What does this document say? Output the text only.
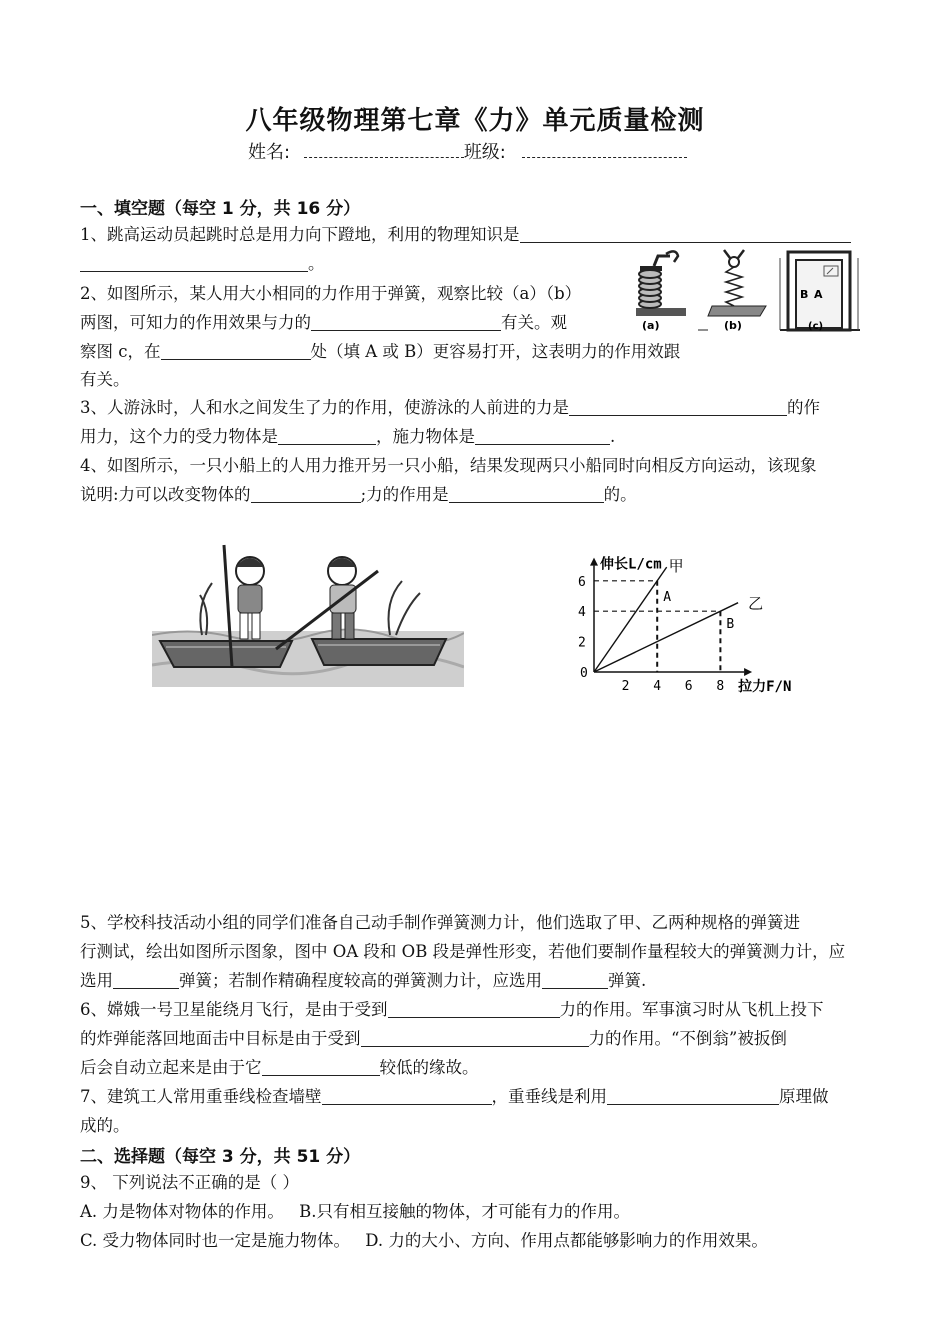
八年级物理第七章《力》单元质量检测
姓名:	班级:
一、填空题（每空 1 分，共 16 分）
1、跳高运动员起跳时总是用力向下蹬地，利用的物理知识是
。
2、如图所示，某人用大小相同的力作用于弹簧，观察比较（a）（b）
两图，可知力的作用效果与力的	有关。观
察图 c，在	处（填 A 或 B）更容易打开，这表明力的作用效跟
有关。
(a)	(b)
B A
(c)
3、人游泳时，人和水之间发生了力的作用，使游泳的人前进的力是	的作
用力，这个力的受力物体是	，施力物体是	.
4、如图所示，一只小船上的人用力推开另一只小船，结果发现两只小船同时向相反方向运动，该现象
说明:力可以改变物体的	;力的作用是	的。
0
2 4 6 8
2
4
6
伸长L/cm
拉力F/N
A
甲
B
乙
5、学校科技活动小组的同学们准备自己动手制作弹簧测力计，他们选取了甲、乙两种规格的弹簧进
行测试，绘出如图所示图象，图中 OA 段和 OB 段是弹性形变，若他们要制作量程较大的弹簧测力计，应
选用	弹簧；若制作精确程度较高的弹簧测力计，应选用	弹簧.
6、嫦娥一号卫星能绕月飞行，是由于受到	力的作用。军事演习时从飞机上投下
的炸弹能落回地面击中目标是由于受到	力的作用。“不倒翁”被扳倒
后会自动立起来是由于它	较低的缘故。
7、建筑工人常用重垂线检查墙壁	，重垂线是利用	原理做
成的。
二、选择题（每空 3 分，共 51 分）
9、 下列说法不正确的是（ ）
A. 力是物体对物体的作用。 B.只有相互接触的物体，才可能有力的作用。
C. 受力物体同时也一定是施力物体。 D. 力的大小、方向、作用点都能够影响力的作用效果。
